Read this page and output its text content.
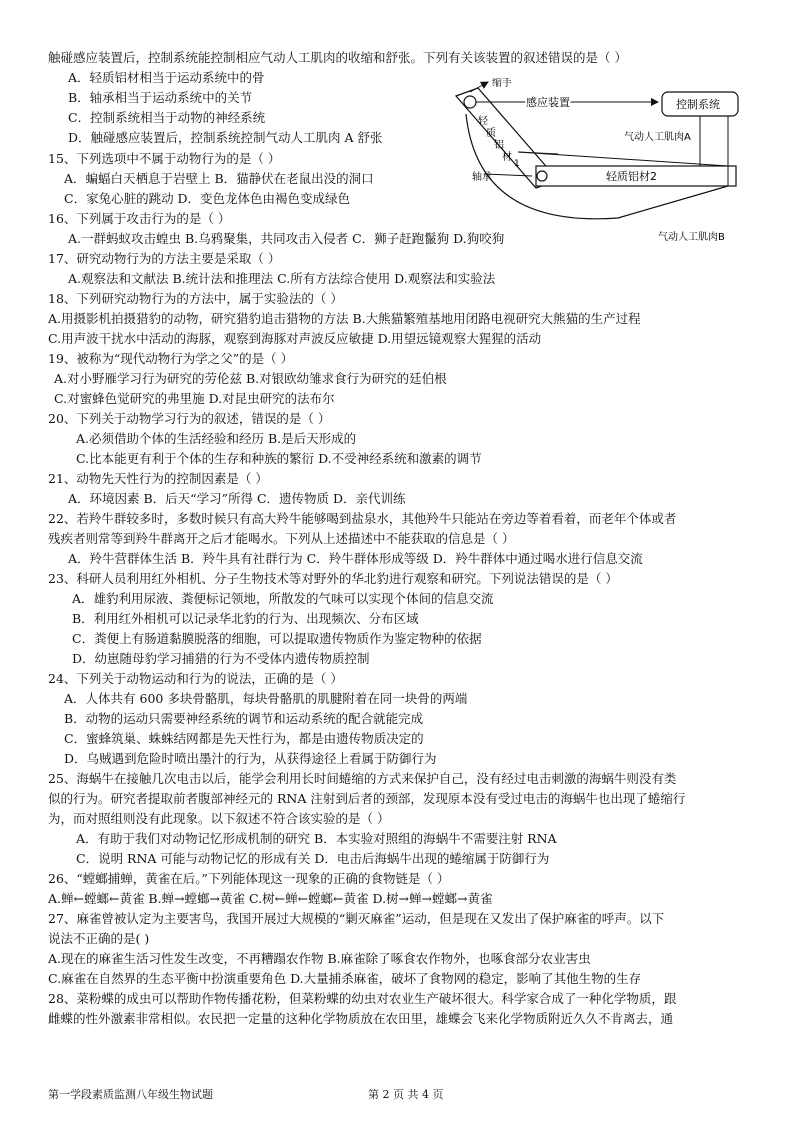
触碰感应装置后，控制系统能控制相应气动人工肌肉的收缩和舒张。下列有关该装置的叙述错误的是（ ）
A．轻质铝材相当于运动系统中的骨
B．轴承相当于运动系统中的关节
C．控制系统相当于动物的神经系统
D．触碰感应装置后，控制系统控制气动人工肌肉 A 舒张
15、下列选项中不属于动物行为的是（ ）
A．蝙蝠白天栖息于岩壁上 B．猫静伏在老鼠出没的洞口
C．家兔心脏的跳动 D．变色龙体色由褐色变成绿色
16、下列属于攻击行为的是（ ）
A.一群蚂蚁攻击蝗虫 B.乌鸦聚集，共同攻击入侵者 C．狮子赶跑鬣狗 D.狗咬狗
17、研究动物行为的方法主要是采取（ ）
A.观察法和文献法 B.统计法和推理法 C.所有方法综合使用 D.观察法和实验法
18、下列研究动物行为的方法中，属于实验法的（ ）
A.用摄影机拍摄猎豹的动物，研究猎豹追击猎物的方法 B.大熊猫繁殖基地用闭路电视研究大熊猫的生产过程
C.用声波干扰水中活动的海豚，观察到海豚对声波反应敏捷 D.用望远镜观察大猩猩的活动
19、被称为“现代动物行为学之父”的是（ ）
A.对小野雁学习行为研究的劳伦兹 B.对银欧幼雏求食行为研究的廷伯根
C.对蜜蜂色觉研究的弗里施 D.对昆虫研究的法布尔
20、下列关于动物学习行为的叙述，错误的是（ ）
A.必须借助个体的生活经验和经历 B.是后天形成的
C.比本能更有利于个体的生存和种族的繁衍 D.不受神经系统和激素的调节
21、动物先天性行为的控制因素是（ ）
A．环境因素 B．后天“学习”所得 C．遗传物质 D．亲代训练
22、若羚牛群较多时，多数时候只有高大羚牛能够喝到盐泉水，其他羚牛只能站在旁边等着看着，而老年个体或者
残疾者则常等到羚牛群离开之后才能喝水。下列从上述描述中不能获取的信息是（ ）
A．羚牛营群体生活 B．羚牛具有社群行为 C．羚牛群体形成等级 D．羚牛群体中通过喝水进行信息交流
23、科研人员利用红外相机、分子生物技术等对野外的华北豹进行观察和研究。下列说法错误的是（ ）
A．雄豹利用尿液、粪便标记领地，所散发的气味可以实现个体间的信息交流
B．利用红外相机可以记录华北豹的行为、出现频次、分布区域
C．粪便上有肠道黏膜脱落的细胞，可以提取遗传物质作为鉴定物种的依据
D．幼崽随母豹学习捕猎的行为不受体内遗传物质控制
24、下列关于动物运动和行为的说法，正确的是（ ）
A．人体共有 600 多块骨骼肌，每块骨骼肌的肌腱附着在同一块骨的两端
B．动物的运动只需要神经系统的调节和运动系统的配合就能完成
C．蜜蜂筑巢、蛛蛛结网都是先天性行为，都是由遗传物质决定的
D．乌贼遇到危险时喷出墨汁的行为，从获得途径上看属于防御行为
25、海蜗牛在接触几次电击以后，能学会利用长时间蜷缩的方式来保护自己，没有经过电击刺激的海蜗牛则没有类
似的行为。研究者提取前者腹部神经元的 RNA 注射到后者的颈部，发现原本没有受过电击的海蜗牛也出现了蜷缩行
为，而对照组则没有此现象。以下叙述不符合该实验的是（ ）
A．有助于我们对动物记忆形成机制的研究 B．本实验对照组的海蜗牛不需要注射 RNA
C．说明 RNA 可能与动物记忆的形成有关 D．电击后海蜗牛出现的蜷缩属于防御行为
26、“螳螂捕蝉，黄雀在后。”下列能体现这一现象的正确的食物链是（ ）
A.蝉←螳螂←黄雀 B.蝉→螳螂→黄雀 C.树←蝉←螳螂←黄雀 D.树→蝉→螳螂→黄雀
27、麻雀曾被认定为主要害鸟，我国开展过大规模的“剿灭麻雀”运动，但是现在又发出了保护麻雀的呼声。以下
说法不正确的是( )
A.现在的麻雀生活习性发生改变，不再糟蹋农作物 B.麻雀除了啄食农作物外，也啄食部分农业害虫
C.麻雀在自然界的生态平衡中扮演重要角色 D.大量捕杀麻雀，破坏了食物网的稳定，影响了其他生物的生存
28、菜粉蝶的成虫可以帮助作物传播花粉，但菜粉蝶的幼虫对农业生产破坏很大。科学家合成了一种化学物质，跟
雌蝶的性外激素非常相似。农民把一定量的这种化学物质放在农田里，雄蝶会飞来化学物质附近久久不肯离去，通
缩手
感应装置	控制系统
轻质铝材2
轴承
轻
质
铝
材
1
气动人工肌肉A
气动人工肌肉B
第一学段素质监测八年级生物试题	第 2 页 共 4 页
